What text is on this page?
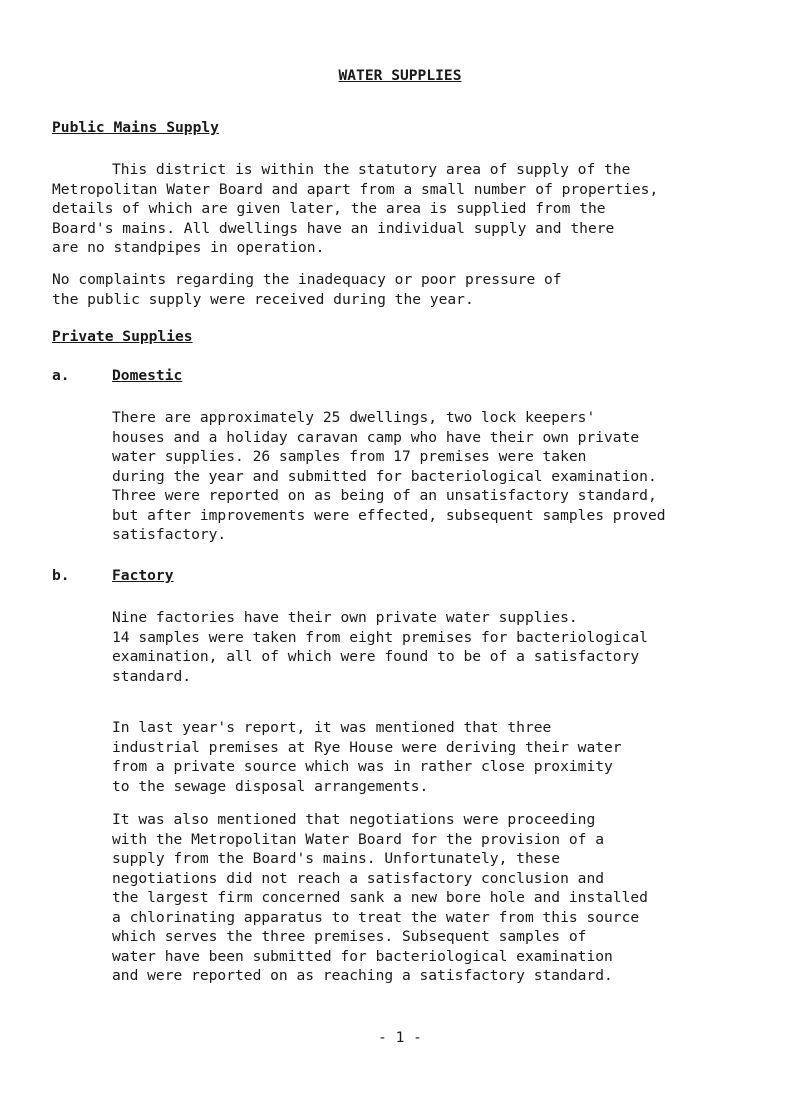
WATER SUPPLIES
Public Mains Supply

This district is within the statutory area of supply of the
Metropolitan Water Board and apart from a small number of properties,
details of which are given later, the area is supplied from the
Board's mains. All dwellings have an individual supply and there
are no standpipes in operation.

No complaints regarding the inadequacy or poor pressure of
the public supply were received during the year.

Private Supplies
a.	Domestic

There are approximately 25 dwellings, two lock keepers'
houses and a holiday caravan camp who have their own private
water supplies. 26 samples from 17 premises were taken
during the year and submitted for bacteriological examination.
Three were reported on as being of an unsatisfactory standard,
but after improvements were effected, subsequent samples proved
satisfactory.

b.	Factory

Nine factories have their own private water supplies.
14 samples were taken from eight premises for bacteriological
examination, all of which were found to be of a satisfactory
standard.

In last year's report, it was mentioned that three
industrial premises at Rye House were deriving their water
from a private source which was in rather close proximity
to the sewage disposal arrangements.

It was also mentioned that negotiations were proceeding
with the Metropolitan Water Board for the provision of a
supply from the Board's mains. Unfortunately, these
negotiations did not reach a satisfactory conclusion and
the largest firm concerned sank a new bore hole and installed
a chlorinating apparatus to treat the water from this source
which serves the three premises. Subsequent samples of
water have been submitted for bacteriological examination
and were reported on as reaching a satisfactory standard.

- 1 -
